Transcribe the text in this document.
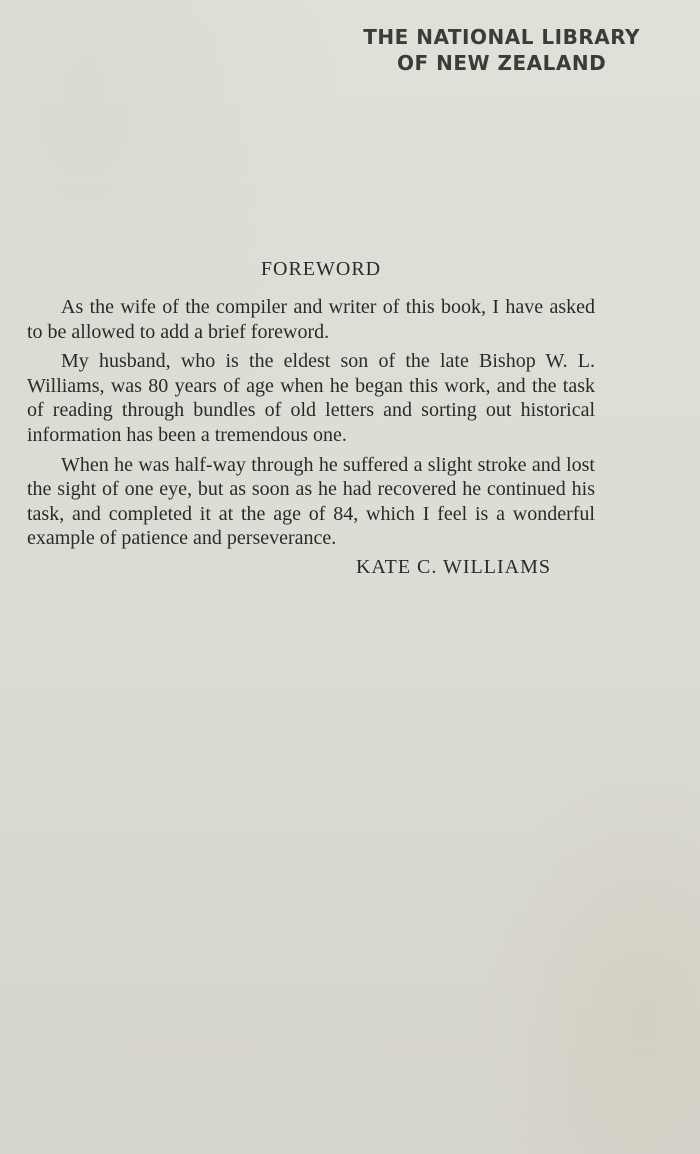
THE NATIONAL LIBRARY
OF NEW ZEALAND
FOREWORD

As the wife of the compiler and writer of this book, I have asked to be allowed to add a brief foreword.

My husband, who is the eldest son of the late Bishop W. L. Williams, was 80 years of age when he began this work, and the task of reading through bundles of old letters and sorting out historical information has been a tremendous one.

When he was half-way through he suffered a slight stroke and lost the sight of one eye, but as soon as he had recovered he continued his task, and completed it at the age of 84, which I feel is a wonderful example of patience and perseverance.

KATE C. WILLIAMS
